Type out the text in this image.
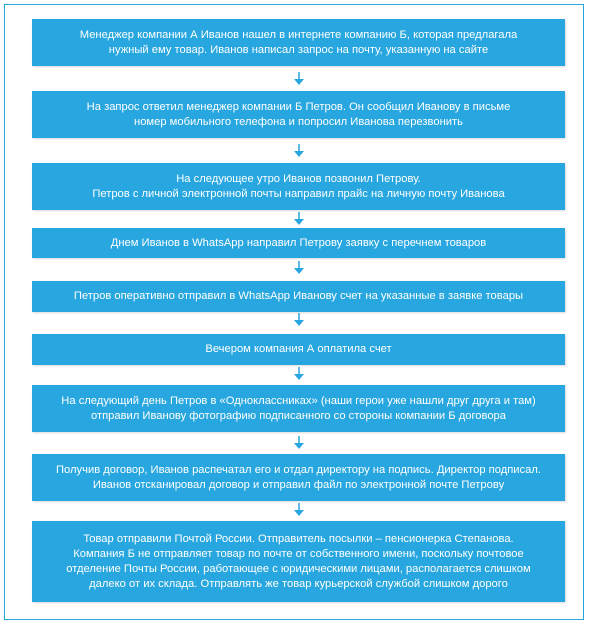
Менеджер компании А Иванов нашел в интернете компанию Б, которая предлагала
нужный ему товар. Иванов написал запрос на почту, указанную на сайте
На запрос ответил менеджер компании Б Петров. Он сообщил Иванову в письме
номер мобильного телефона и попросил Иванова перезвонить
На следующее утро Иванов позвонил Петрову.
Петров с личной электронной почты направил прайс на личную почту Иванова
Днем Иванов в WhatsApp направил Петрову заявку с перечнем товаров
Петров оперативно отправил в WhatsApp Иванову счет на указанные в заявке товары
Вечером компания А оплатила счет
На следующий день Петров в «Одноклассниках» (наши герои уже нашли друг друга и там)
отправил Иванову фотографию подписанного со стороны компании Б договора
Получив договор, Иванов распечатал его и отдал директору на подпись. Директор подписал.
Иванов отсканировал договор и отправил файл по электронной почте Петрову
Товар отправили Почтой России. Отправитель посылки – пенсионерка Степанова.
Компания Б не отправляет товар по почте от собственного имени, поскольку почтовое
отделение Почты России, работающее с юридическими лицами, располагается слишком
далеко от их склада. Отправлять же товар курьерской службой слишком дорого
